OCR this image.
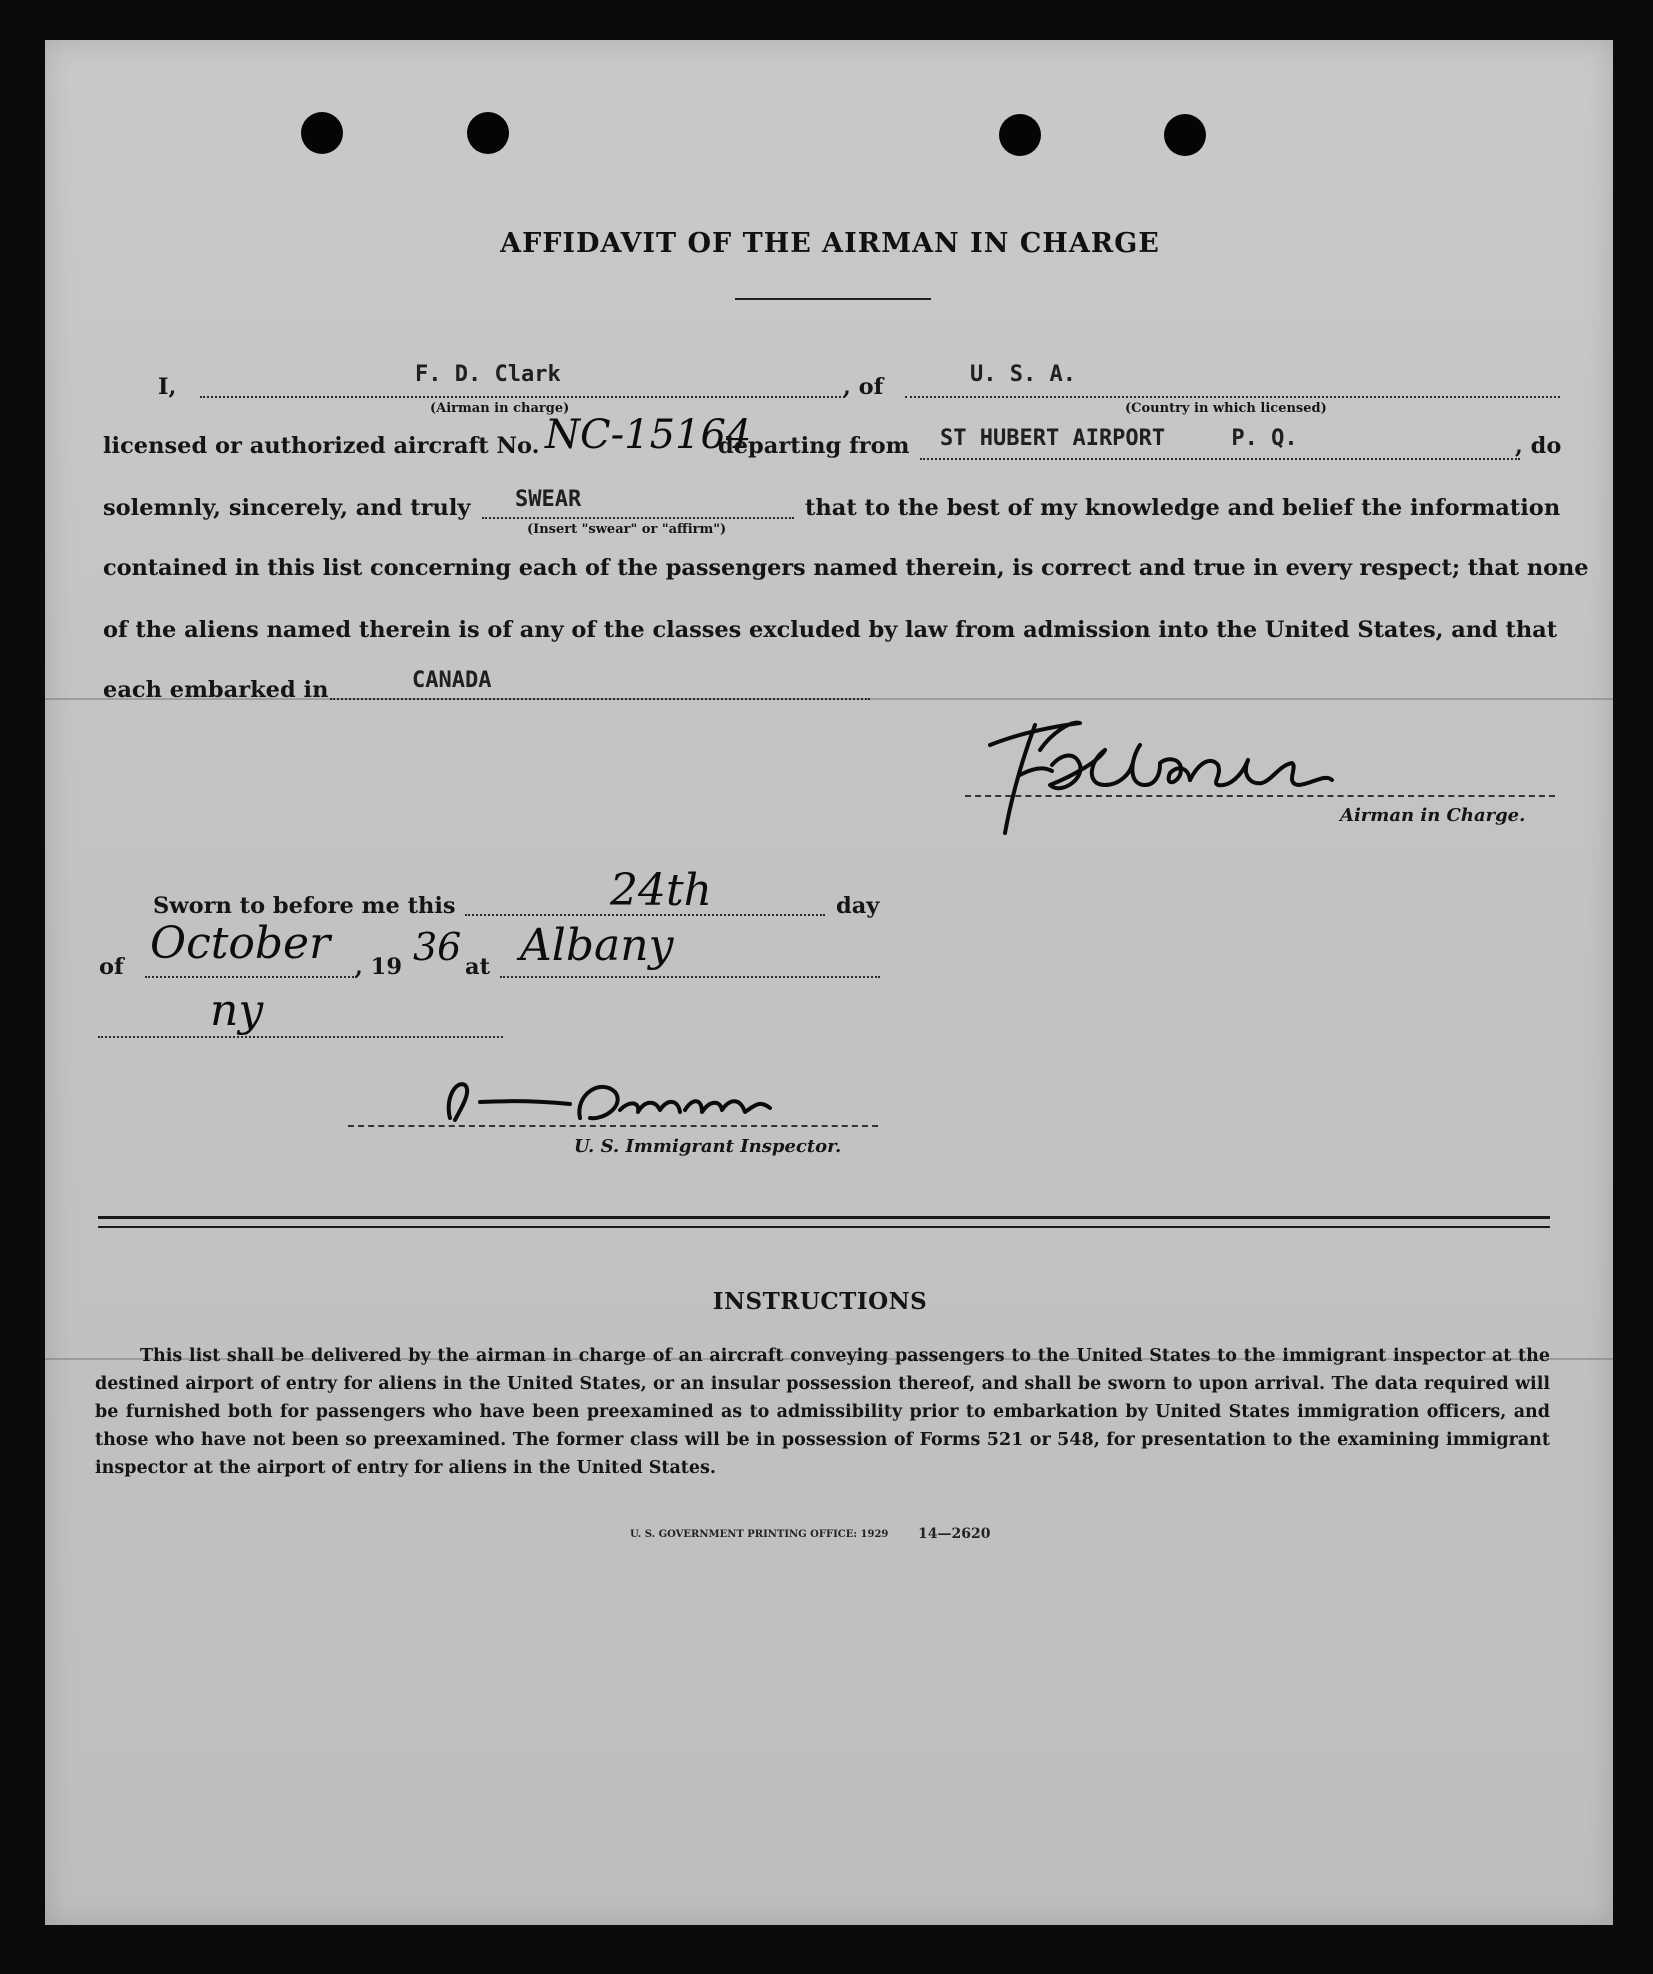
AFFIDAVIT OF THE AIRMAN IN CHARGE
I,	F. D. Clark
(Airman in charge)
, of	U. S. A.
(Country in which licensed)
licensed or authorized aircraft No. NC-15164
departing from ST HUBERT AIRPORT     P. Q.	, do
solemnly, sincerely, and truly SWEAR
(Insert "swear" or "affirm")
that to the best of my knowledge and belief the information
contained in this list concerning each of the passengers named therein, is correct and true in every respect; that none
of the aliens named therein is of any of the classes excluded by law from admission into the United States, and that
each embarked in	CANADA
Airman in Charge.
Sworn to before me this	24th	day
of October , 19 36 at Albany
ny
U. S. Immigrant Inspector.
INSTRUCTIONS
This list shall be delivered by the airman in charge of an aircraft conveying passengers to the United States to the immigrant inspector at the destined airport of entry for aliens in the United States, or an insular possession thereof, and shall be sworn to upon arrival. The data required will be furnished both for passengers who have been preexamined as to admissibility prior to embarkation by United States immigration officers, and those who have not been so preexamined. The former class will be in possession of Forms 521 or 548, for presentation to the examining immigrant inspector at the airport of entry for aliens in the United States.
U. S. GOVERNMENT PRINTING OFFICE: 1929 14—2620
